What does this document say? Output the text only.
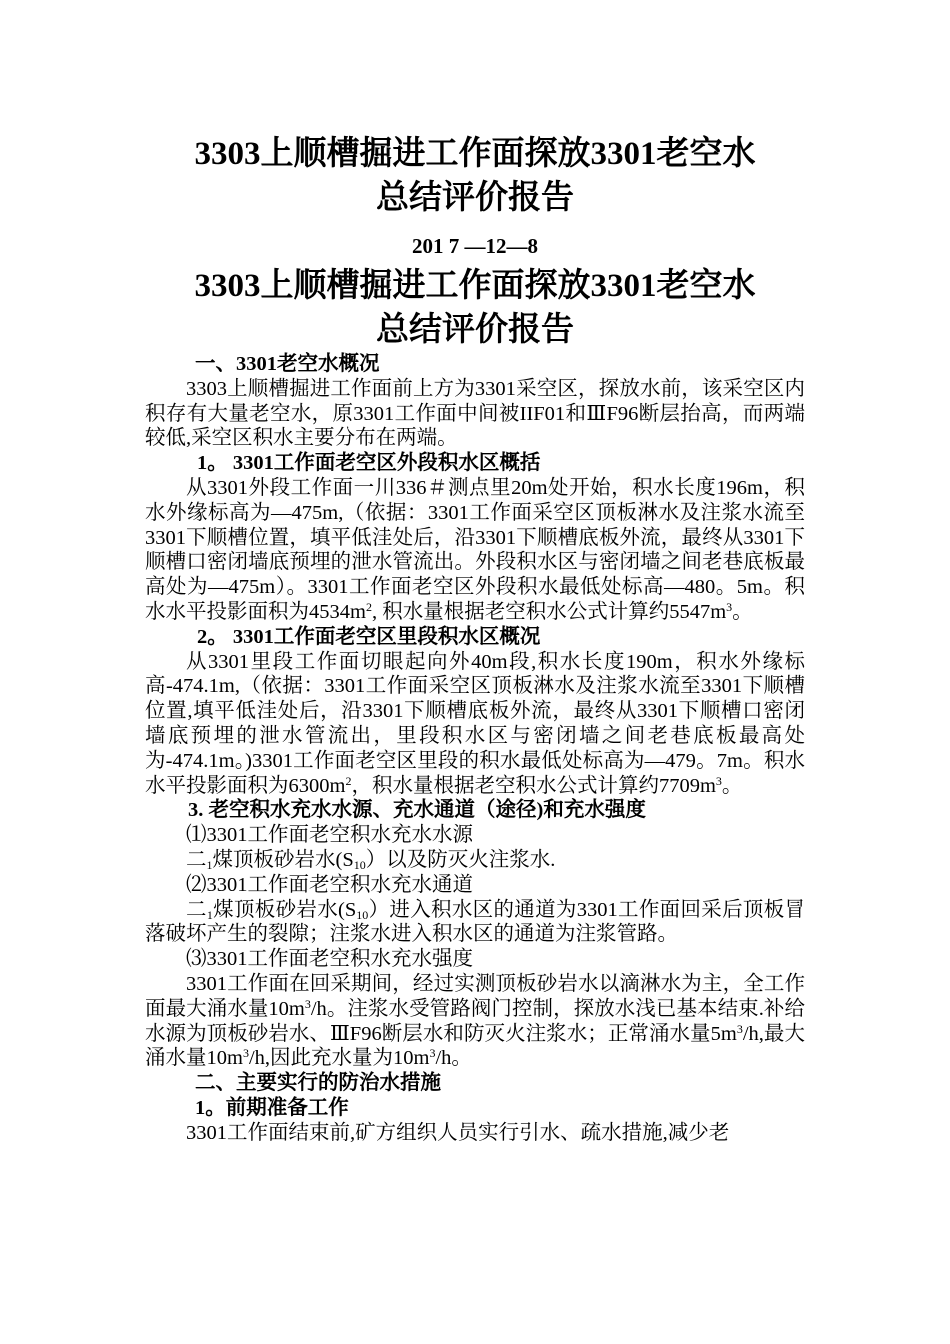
3303上顺槽掘进工作面探放3301老空水
总结评价报告
201 7 —12—8
3303上顺槽掘进工作面探放3301老空水
总结评价报告
一、3301老空水概况

3303上顺槽掘进工作面前上方为3301采空区，探放水前，该采空区内积存有大量老空水，原3301工作面中间被IIF01和ⅢF96断层抬高，而两端较低,采空区积水主要分布在两端。

1。 3301工作面老空区外段积水区概括

从3301外段工作面一川336＃测点里20m处开始，积水长度196m，积水外缘标高为—475m,（依据：3301工作面采空区顶板淋水及注浆水流至3301下顺槽位置，填平低洼处后，沿3301下顺槽底板外流，最终从3301下顺槽口密闭墙底预埋的泄水管流出。外段积水区与密闭墙之间老巷底板最高处为—475m）。3301工作面老空区外段积水最低处标高—480。5m。积水水平投影面积为$4534m^2$, 积水量根据老空积水公式计算约$5547m^3$。

2。 3301工作面老空区里段积水区概况

从3301里段工作面切眼起向外40m段,积水长度190m，积水外缘标高-474.1m,（依据：3301工作面采空区顶板淋水及注浆水流至3301下顺槽位置,填平低洼处后，沿3301下顺槽底板外流，最终从3301下顺槽口密闭墙底预埋的泄水管流出，里段积水区与密闭墙之间老巷底板最高处为-474.1m。)3301工作面老空区里段的积水最低处标高为—479。7m。积水水平投影面积为$6300m^2$，积水量根据老空积水公式计算约$7709m^3$。

3. 老空积水充水水源、充水通道（途径)和充水强度

⑴3301工作面老空积水充水水源

二$_1$煤顶板砂岩水$(S_{10})$以及防灭火注浆水.

⑵3301工作面老空积水充水通道

二$_1$煤顶板砂岩水$(S_{10})$进入积水区的通道为3301工作面回采后顶板冒落破坏产生的裂隙；注浆水进入积水区的通道为注浆管路。

⑶3301工作面老空积水充水强度

3301工作面在回采期间，经过实测顶板砂岩水以滴淋水为主，全工作面最大涌水量$10m^3/h$。注浆水受管路阀门控制，探放水浅已基本结束.补给水源为顶板砂岩水、ⅢF96断层水和防灭火注浆水；正常涌水量$5m^3/h$,最大涌水量$10m^3/h$,因此充水量为$10m^3/h$。

二、主要实行的防治水措施
1。前期准备工作

3301工作面结束前,矿方组织人员实行引水、疏水措施,减少老
